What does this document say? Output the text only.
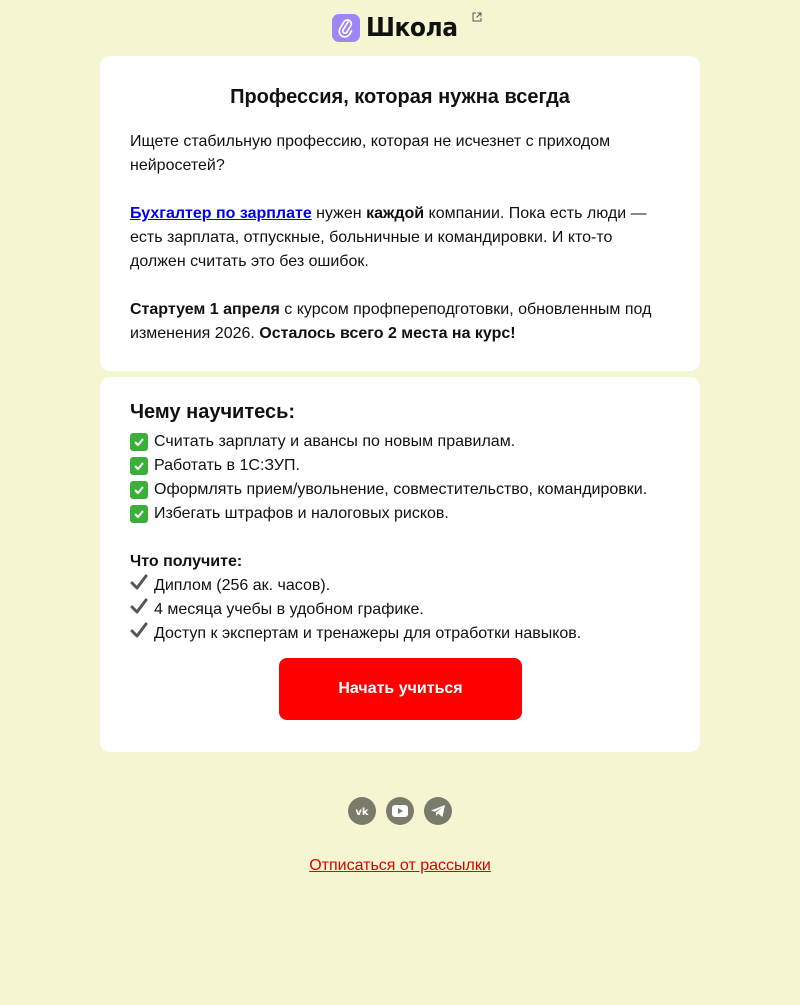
Школа
Профессия, которая нужна всегда

Ищете стабильную профессию, которая не исчезнет с приходом нейросетей?

Бухгалтер по зарплате нужен каждой компании. Пока есть люди — есть зарплата, отпускные, больничные и командировки. И кто-то должен считать это без ошибок.

Стартуем 1 апреля с курсом профпереподготовки, обновленным под изменения 2026. Осталось всего 2 места на курс!

Чему научитесь:
Считать зарплату и авансы по новым правилам.
Работать в 1С:ЗУП.
Оформлять прием/увольнение, совместительство, командировки.
Избегать штрафов и налоговых рисков.
Что получите:
Диплом (256 ак. часов).
4 месяца учебы в удобном графике.
Доступ к экспертам и тренажеры для отработки навыков.
Начать учиться
vk
Отписаться от рассылки
